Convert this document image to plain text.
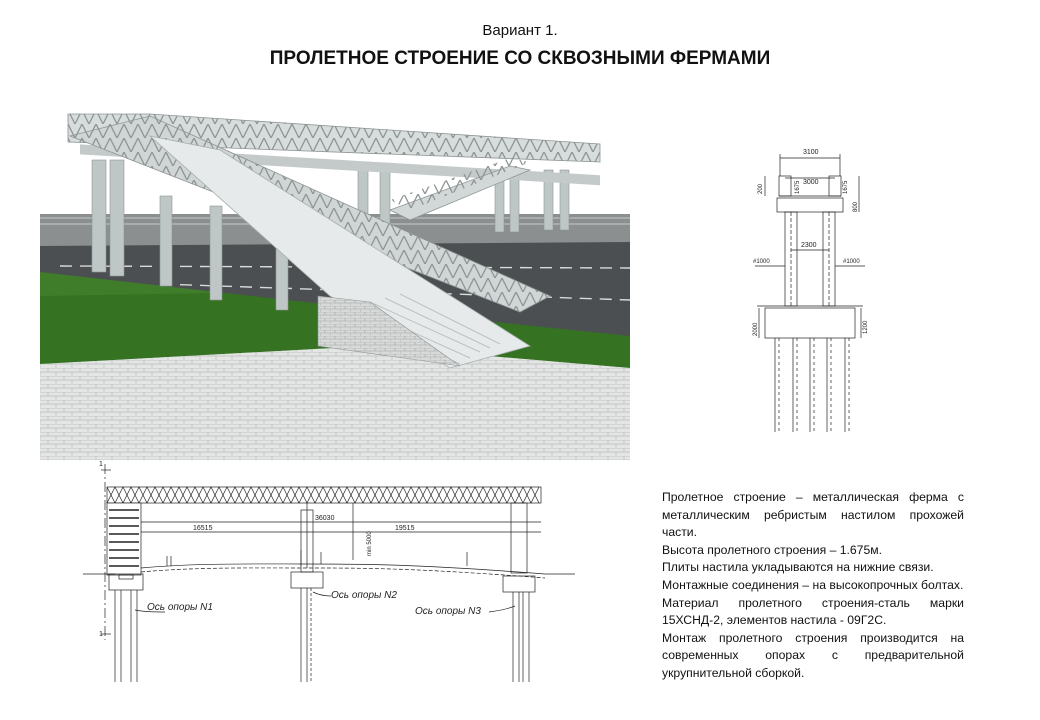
Вариант 1.
ПРОЛЕТНОЕ СТРОЕНИЕ СО СКВОЗНЫМИ ФЕРМАМИ
3100
3000
1675	1675
200
800
2300
#1000	#1000
2000	1200
1
1
36030
16515	19515
min 5000
Ось опоры N1
Ось опоры N2
Ось опоры N3

Пролетное строение – металлическая ферма с металлическим ребристым настилом прохожей части.

Высота пролетного строения – 1.675м.

Плиты настила укладываются на нижние связи.

Монтажные соединения – на высокопрочных болтах.

Материал пролетного строения-сталь марки 15ХСНД-2, элементов настила - 09Г2С.

Монтаж пролетного строения производится на современных опорах с предварительной укрупнительной сборкой.
